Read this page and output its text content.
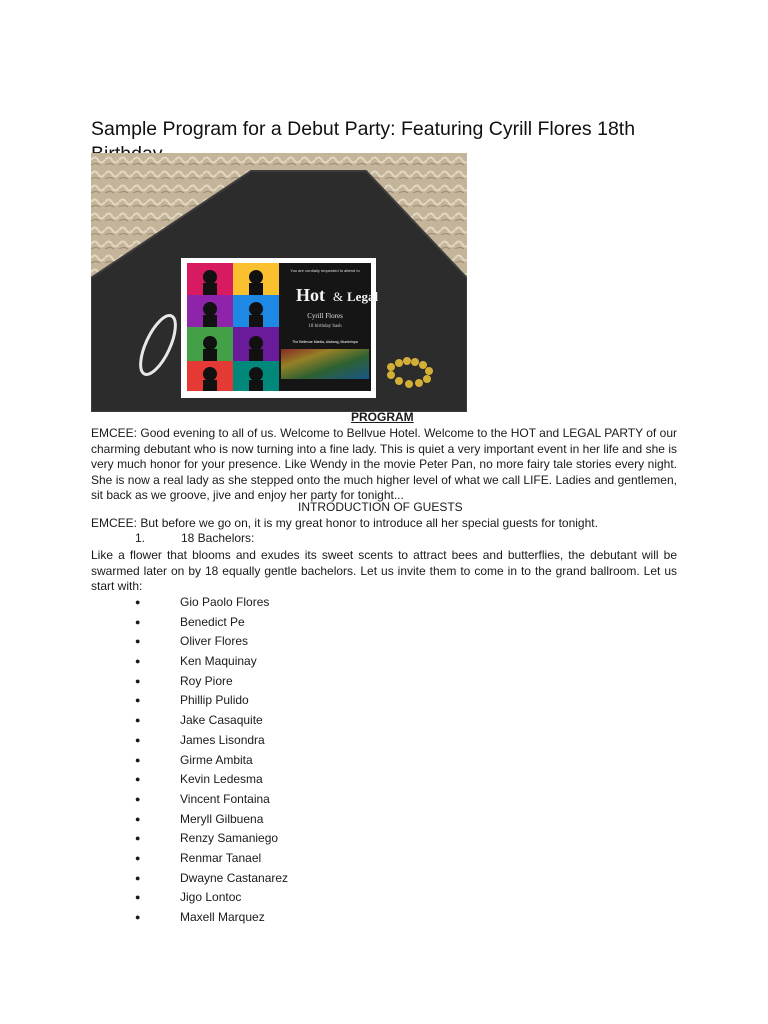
Sample Program for a Debut Party: Featuring Cyrill Flores 18th
You are cordially requested to attend to
Hot & Legal
Cyrill Flores
18 birthday bash
The Bellevue Manila, Alabang, Muntinlupa
PROGRAM

EMCEE: Good evening to all of us. Welcome to Bellvue Hotel. Welcome to the HOT and LEGAL PARTY of our charming debutant who is now turning into a fine lady. This is quiet a very important event in her life and she is very much honor for your presence. Like Wendy in the movie Peter Pan, no more fairy tale stories every night. She is now a real lady as she stepped onto the much higher level of what we call LIFE. Ladies and gentlemen, sit back as we groove, jive and enjoy her party for tonight...

INTRODUCTION OF GUESTS

EMCEE: But before we go on, it is my great honor to introduce all her special guests for tonight.

1.	18 Bachelors:

Like a flower that blooms and exudes its sweet scents to attract bees and butterflies, the debutant will be swarmed later on by 18 equally gentle bachelors. Let us invite them to come in to the grand ballroom. Let us start with:

●	Gio Paolo Flores
●	Benedict Pe
●	Oliver Flores
●	Ken Maquinay
●	Roy Piore
●	Phillip Pulido
●	Jake Casaquite
●	James Lisondra
●	Girme Ambita
●	Kevin Ledesma
●	Vincent Fontaina
●	Meryll Gilbuena
●	Renzy Samaniego
●	Renmar Tanael
●	Dwayne Castanarez
●	Jigo Lontoc
●	Maxell Marquez
